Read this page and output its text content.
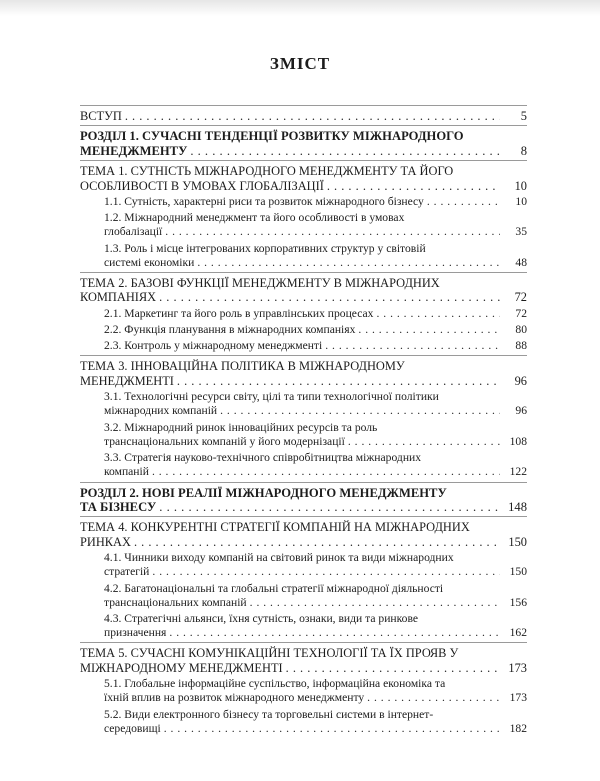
ЗМІСТ
ВСТУП . . .	5
РОЗДІЛ 1. СУЧАСНІ ТЕНДЕНЦІЇ РОЗВИТКУ МІЖНАРОДНОГО
МЕНЕДЖМЕНТУ . . .	8
ТЕМА 1. СУТНІСТЬ МІЖНАРОДНОГО МЕНЕДЖМЕНТУ ТА ЙОГО
ОСОБЛИВОСТІ В УМОВАХ ГЛОБАЛІЗАЦІЇ . . .	10
1.1. Сутність, характерні риси та розвиток міжнародного бізнесу . . .	10
1.2. Міжнародний менеджмент та його особливості в умовах
глобалізації . . .	35
1.3. Роль і місце інтегрованих корпоративних структур у світовій
системі економіки . . .	48
ТЕМА 2. БАЗОВІ ФУНКЦІЇ МЕНЕДЖМЕНТУ В МІЖНАРОДНИХ
КОМПАНІЯХ . . .	72
2.1. Маркетинг та його роль в управлінських процесах . . .	72
2.2. Функція планування в міжнародних компаніях . . .	80
2.3. Контроль у міжнародному менеджменті . . .	88
ТЕМА 3. ІННОВАЦІЙНА ПОЛІТИКА В МІЖНАРОДНОМУ
МЕНЕДЖМЕНТІ . . .	96
3.1. Технологічні ресурси світу, цілі та типи технологічної політики
міжнародних компаній . . .	96
3.2. Міжнародний ринок інноваційних ресурсів та роль
транснаціональних компаній у його модернізації . . .	108
3.3. Стратегія науково-технічного співробітництва міжнародних
компаній . . .	122
РОЗДІЛ 2. НОВІ РЕАЛІЇ МІЖНАРОДНОГО МЕНЕДЖМЕНТУ
ТА БІЗНЕСУ . . .	148
ТЕМА 4. КОНКУРЕНТНІ СТРАТЕГІЇ КОМПАНІЙ НА МІЖНАРОДНИХ
РИНКАХ . . .	150
4.1. Чинники виходу компаній на світовий ринок та види міжнародних
стратегій . . .	150
4.2. Багатонаціональні та глобальні стратегії міжнародної діяльності
транснаціональних компаній . . .	156
4.3. Стратегічні альянси, їхня сутність, ознаки, види та ринкове
призначення . . .	162
ТЕМА 5. СУЧАСНІ КОМУНІКАЦІЙНІ ТЕХНОЛОГІЇ ТА ЇХ ПРОЯВ У
МІЖНАРОДНОМУ МЕНЕДЖМЕНТІ . . .	173
5.1. Глобальне інформаційне суспільство, інформаційна економіка та
їхній вплив на розвиток міжнародного менеджменту . . .	173
5.2. Види електронного бізнесу та торговельні системи в інтернет-
середовищі . . .	182
